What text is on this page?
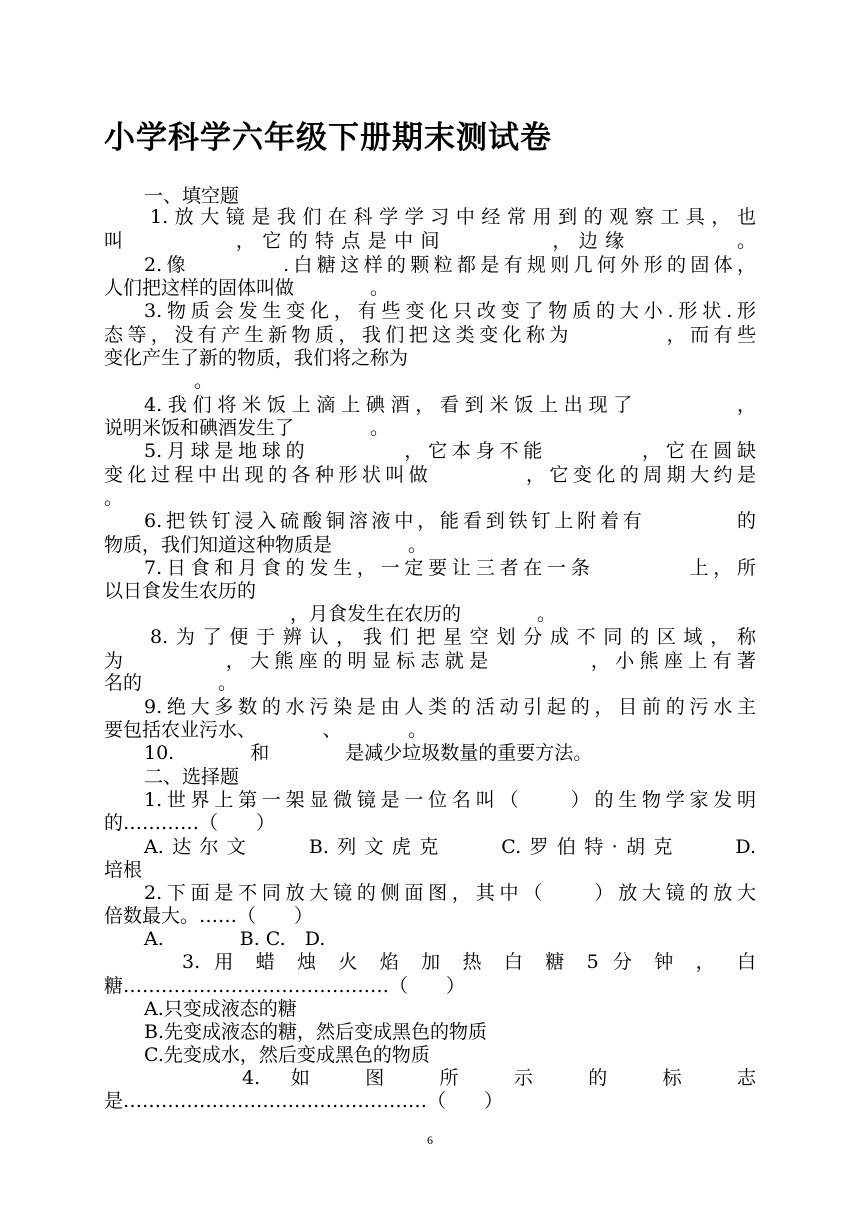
小学科学六年级下册期末测试卷
一、填空题
1.放大镜是我们在科学学习中经常用到的观察工具，也
叫　　　　，它的特点是中间　　　　，边缘　　　　。
2.像　　　　.白糖这样的颗粒都是有规则几何外形的固体，
人们把这样的固体叫做　　　　。
3.物质会发生变化，有些变化只改变了物质的大小.形状.形
态等，没有产生新物质，我们把这类变化称为　　　　，而有些
变化产生了新的物质，我们将之称为
。
4.我们将米饭上滴上碘酒，看到米饭上出现了　　　　，
说明米饭和碘酒发生了　　　　。
5.月球是地球的　　　　，它本身不能　　　　，它在圆缺
变化过程中出现的各种形状叫做　　　　，它变化的周期大约是
。
6.把铁钉浸入硫酸铜溶液中，能看到铁钉上附着有　　　　的
物质，我们知道这种物质是　　　　。
7.日食和月食的发生，一定要让三者在一条　　　　上，所
以日食发生农历的
　　　　，月食发生在农历的　　　　。
8.为了便于辨认，我们把星空划分成不同的区域，称
为　　　　，大熊座的明显标志就是　　　　，小熊座上有著
名的　　　　。
9.绝大多数的水污染是由人类的活动引起的，目前的污水主
要包括农业污水、　　　　、　　　　。
10.　　　　和　　　　是减少垃圾数量的重要方法。
二、选择题
1.世界上第一架显微镜是一位名叫（　　）的生物学家发明
的…………（　　）
A.达尔文　　B.列文虎克　　C.罗伯特·胡克　　D.
培根
2.下面是不同放大镜的侧面图，其中（　　）放大镜的放大
倍数最大。……（　　）
A.　　　　B. C.　D.
3. 用 蜡 烛 火 焰 加 热 白 糖 5 分 钟 ， 白
糖……………………………………（　　）
A.只变成液态的糖
B.先变成液态的糖，然后变成黑色的物质
C.先变成水，然后变成黑色的物质
4. 如 图 所 示 的 标 志
是…………………………………………（　　）
6
